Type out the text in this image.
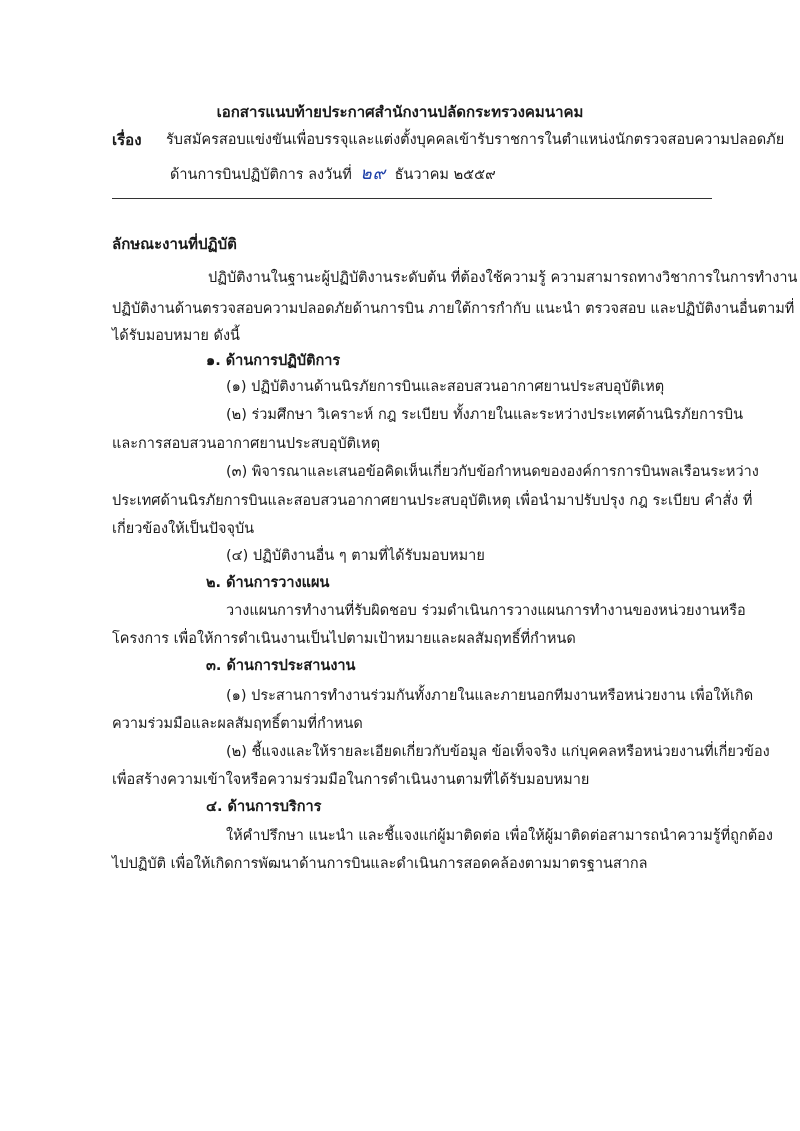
เอกสารแนบท้ายประกาศสำนักงานปลัดกระทรวงคมนาคม
เรื่อง รับสมัครสอบแข่งขันเพื่อบรรจุและแต่งตั้งบุคคลเข้ารับราชการในตำแหน่งนักตรวจสอบความปลอดภัย
ด้านการบินปฏิบัติการ ลงวันที่ ๒๙ ธันวาคม ๒๕๕๙
ลักษณะงานที่ปฏิบัติ
ปฏิบัติงานในฐานะผู้ปฏิบัติงานระดับต้น ที่ต้องใช้ความรู้ ความสามารถทางวิชาการในการทำงาน
ปฏิบัติงานด้านตรวจสอบความปลอดภัยด้านการบิน ภายใต้การกำกับ แนะนำ ตรวจสอบ และปฏิบัติงานอื่นตามที่
ได้รับมอบหมาย ดังนี้
๑. ด้านการปฏิบัติการ
(๑) ปฏิบัติงานด้านนิรภัยการบินและสอบสวนอากาศยานประสบอุบัติเหตุ
(๒) ร่วมศึกษา วิเคราะห์ กฎ ระเบียบ ทั้งภายในและระหว่างประเทศด้านนิรภัยการบิน
และการสอบสวนอากาศยานประสบอุบัติเหตุ
(๓) พิจารณาและเสนอข้อคิดเห็นเกี่ยวกับข้อกำหนดขององค์การการบินพลเรือนระหว่าง
ประเทศด้านนิรภัยการบินและสอบสวนอากาศยานประสบอุบัติเหตุ เพื่อนำมาปรับปรุง กฎ ระเบียบ คำสั่ง ที่
เกี่ยวข้องให้เป็นปัจจุบัน
(๔) ปฏิบัติงานอื่น ๆ ตามที่ได้รับมอบหมาย
๒. ด้านการวางแผน
วางแผนการทำงานที่รับผิดชอบ ร่วมดำเนินการวางแผนการทำงานของหน่วยงานหรือ
โครงการ เพื่อให้การดำเนินงานเป็นไปตามเป้าหมายและผลสัมฤทธิ์ที่กำหนด
๓. ด้านการประสานงาน
(๑) ประสานการทำงานร่วมกันทั้งภายในและภายนอกทีมงานหรือหน่วยงาน เพื่อให้เกิด
ความร่วมมือและผลสัมฤทธิ์ตามที่กำหนด
(๒) ชี้แจงและให้รายละเอียดเกี่ยวกับข้อมูล ข้อเท็จจริง แก่บุคคลหรือหน่วยงานที่เกี่ยวข้อง
เพื่อสร้างความเข้าใจหรือความร่วมมือในการดำเนินงานตามที่ได้รับมอบหมาย
๔. ด้านการบริการ
ให้คำปรึกษา แนะนำ และชี้แจงแก่ผู้มาติดต่อ เพื่อให้ผู้มาติดต่อสามารถนำความรู้ที่ถูกต้อง
ไปปฏิบัติ เพื่อให้เกิดการพัฒนาด้านการบินและดำเนินการสอดคล้องตามมาตรฐานสากล
